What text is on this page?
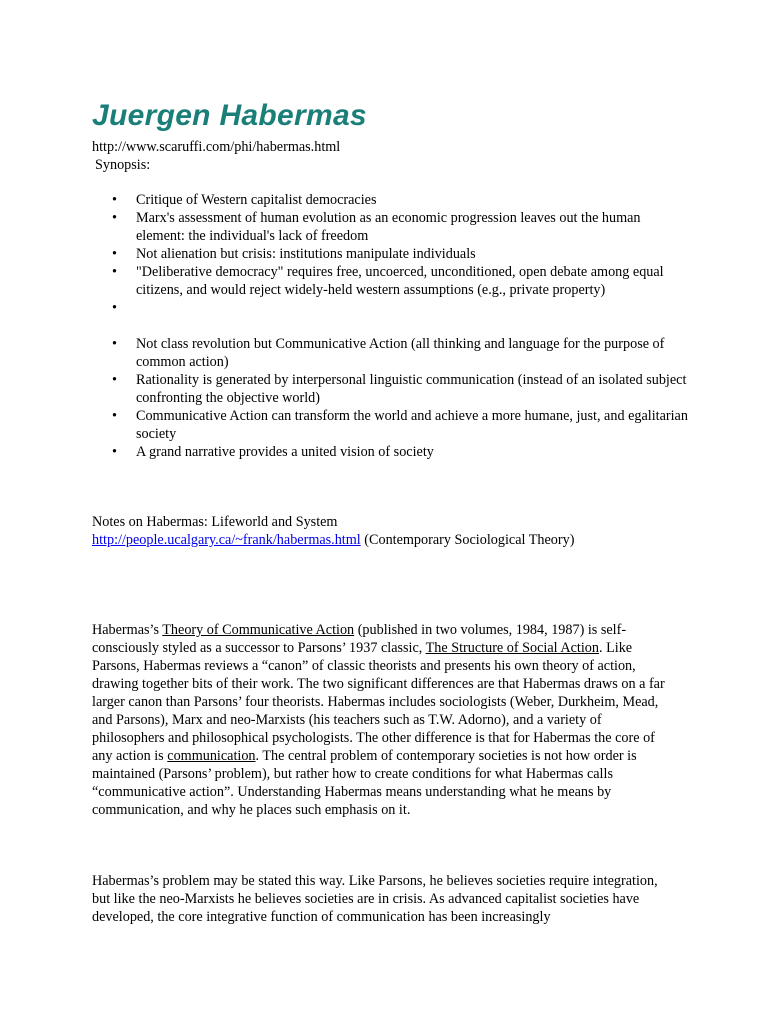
Juergen Habermas
http://www.scaruffi.com/phi/habermas.html
Synopsis:
• Critique of Western capitalist democracies
• Marx's assessment of human evolution as an economic progression leaves out the human element: the individual's lack of freedom
• Not alienation but crisis: institutions manipulate individuals
• "Deliberative democracy" requires free, uncoerced, unconditioned, open debate among equal citizens, and would reject widely-held western assumptions (e.g., private property)
•
• Not class revolution but Communicative Action (all thinking and language for the purpose of common action)
• Rationality is generated by interpersonal linguistic communication (instead of an isolated subject confronting the objective world)
• Communicative Action can transform the world and achieve a more humane, just, and egalitarian society
• A grand narrative provides a united vision of society
Notes on Habermas: Lifeworld and System
http://people.ucalgary.ca/~frank/habermas.html (Contemporary Sociological Theory)

Habermas’s Theory of Communicative Action (published in two volumes, 1984, 1987) is self-consciously styled as a successor to Parsons’ 1937 classic, The Structure of Social Action. Like Parsons, Habermas reviews a “canon” of classic theorists and presents his own theory of action, drawing together bits of their work. The two significant differences are that Habermas draws on a far larger canon than Parsons’ four theorists. Habermas includes sociologists (Weber, Durkheim, Mead, and Parsons), Marx and neo-Marxists (his teachers such as T.W. Adorno), and a variety of philosophers and philosophical psychologists. The other difference is that for Habermas the core of any action is communication. The central problem of contemporary societies is not how order is maintained (Parsons’ problem), but rather how to create conditions for what Habermas calls “communicative action”. Understanding Habermas means understanding what he means by communication, and why he places such emphasis on it.

Habermas’s problem may be stated this way. Like Parsons, he believes societies require integration, but like the neo-Marxists he believes societies are in crisis. As advanced capitalist societies have developed, the core integrative function of communication has been increasingly
